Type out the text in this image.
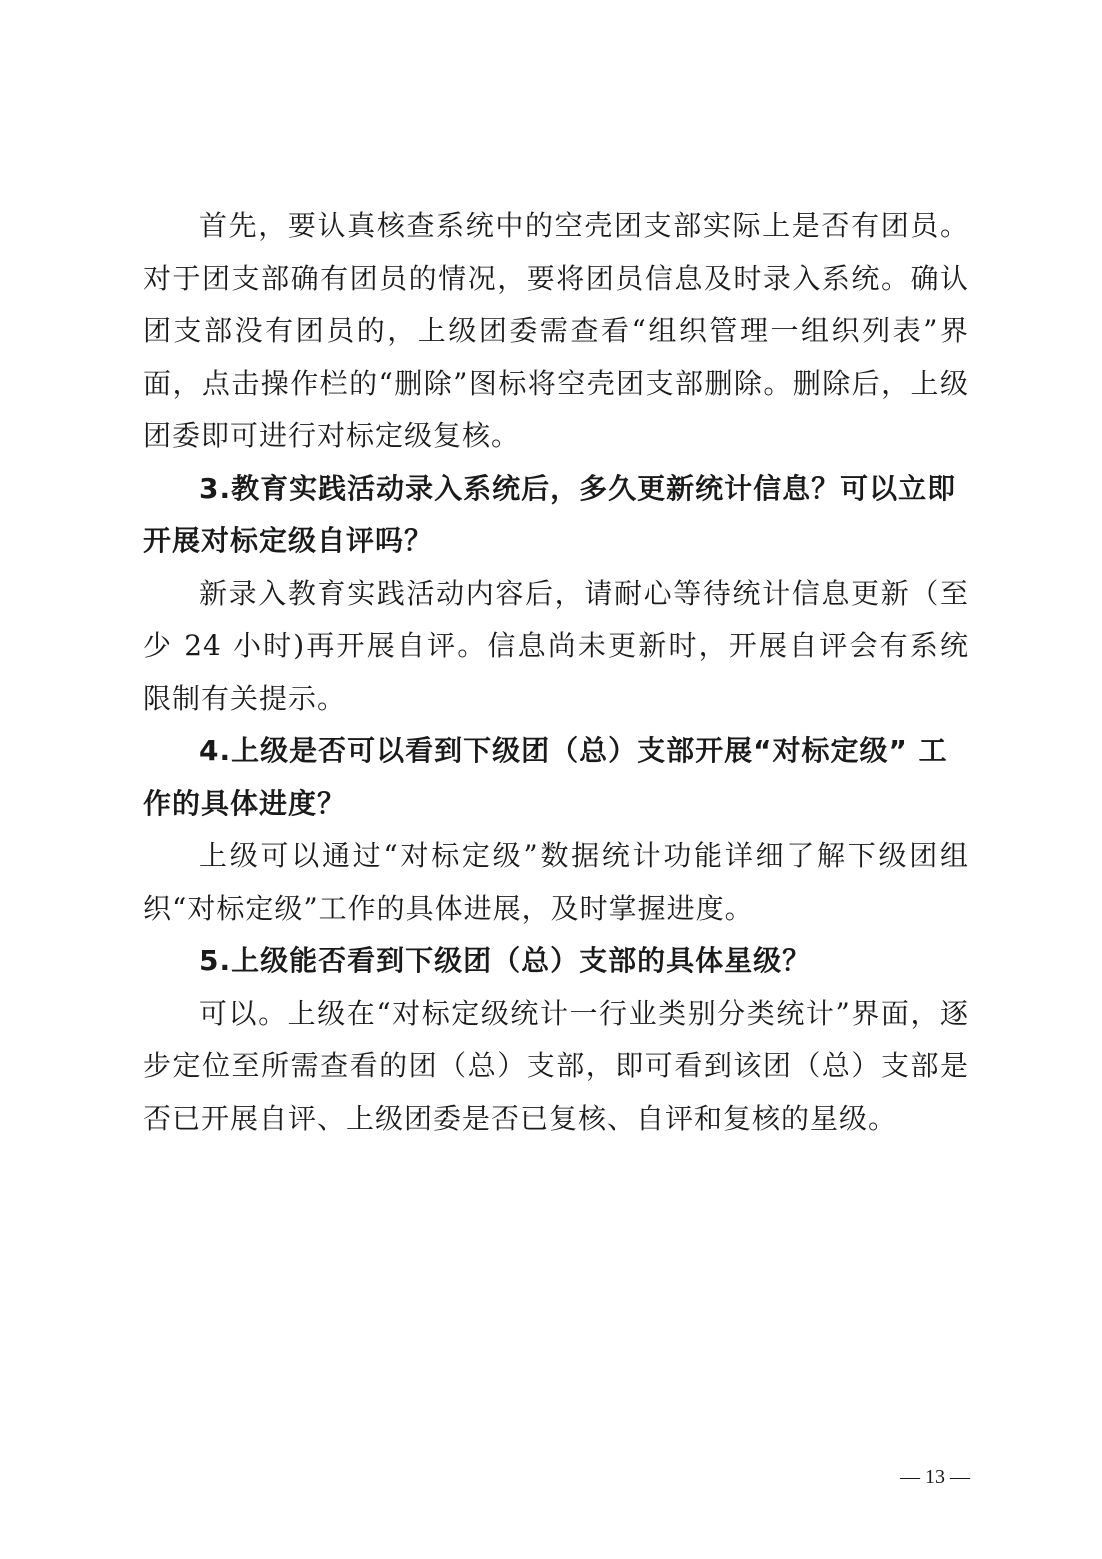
首先，要认真核查系统中的空壳团支部实际上是否有团员。对于团支部确有团员的情况，要将团员信息及时录入系统。确认团支部没有团员的，上级团委需查看“组织管理一组织列表”界面，点击操作栏的“删除”图标将空壳团支部删除。删除后，上级团委即可进行对标定级复核。

3.教育实践活动录入系统后，多久更新统计信息？可以立即开展对标定级自评吗？

新录入教育实践活动内容后，请耐心等待统计信息更新（至少 24 小时)再开展自评。信息尚未更新时，开展自评会有系统 限制有关提示。

4.上级是否可以看到下级团（总）支部开展“对标定级” 工作的具体进度？

上级可以通过“对标定级”数据统计功能详细了解下级团组织“对标定级”工作的具体进展，及时掌握进度。

5.上级能否看到下级团（总）支部的具体星级？

可以。上级在“对标定级统计一行业类别分类统计”界面，逐步定位至所需查看的团（总）支部，即可看到该团（总）支部是否已开展自评、上级团委是否已复核、自评和复核的星级。

— 13 —
